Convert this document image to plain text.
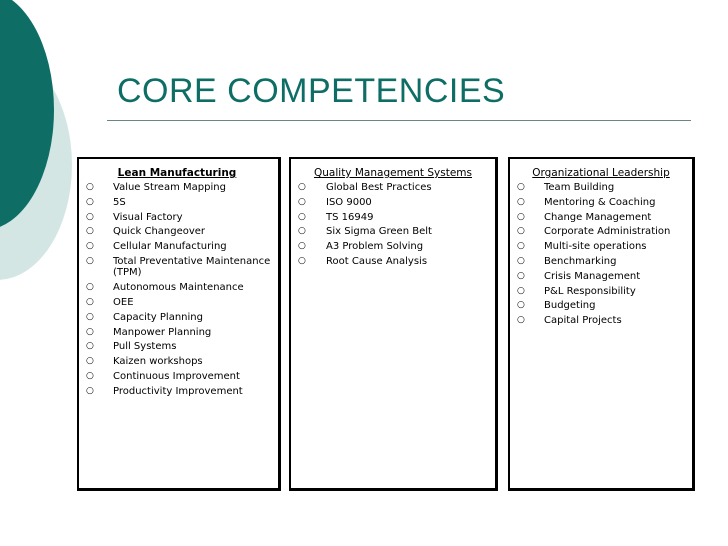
CORE COMPETENCIES
Lean Manufacturing
○ Value Stream Mapping
○ 5S
○ Visual Factory
○ Quick Changeover
○ Cellular Manufacturing
○ Total Preventative Maintenance (TPM)
○ Autonomous Maintenance
○ OEE
○ Capacity Planning
○ Manpower Planning
○ Pull Systems
○ Kaizen workshops
○ Continuous Improvement
○ Productivity Improvement
Quality Management Systems
○ Global Best Practices
○ ISO 9000
○ TS 16949
○ Six Sigma Green Belt
○ A3 Problem Solving
○ Root Cause Analysis
Organizational Leadership
○ Team Building
○ Mentoring & Coaching
○ Change Management
○ Corporate Administration
○ Multi-site operations
○ Benchmarking
○ Crisis Management
○ P&L Responsibility
○ Budgeting
○ Capital Projects
